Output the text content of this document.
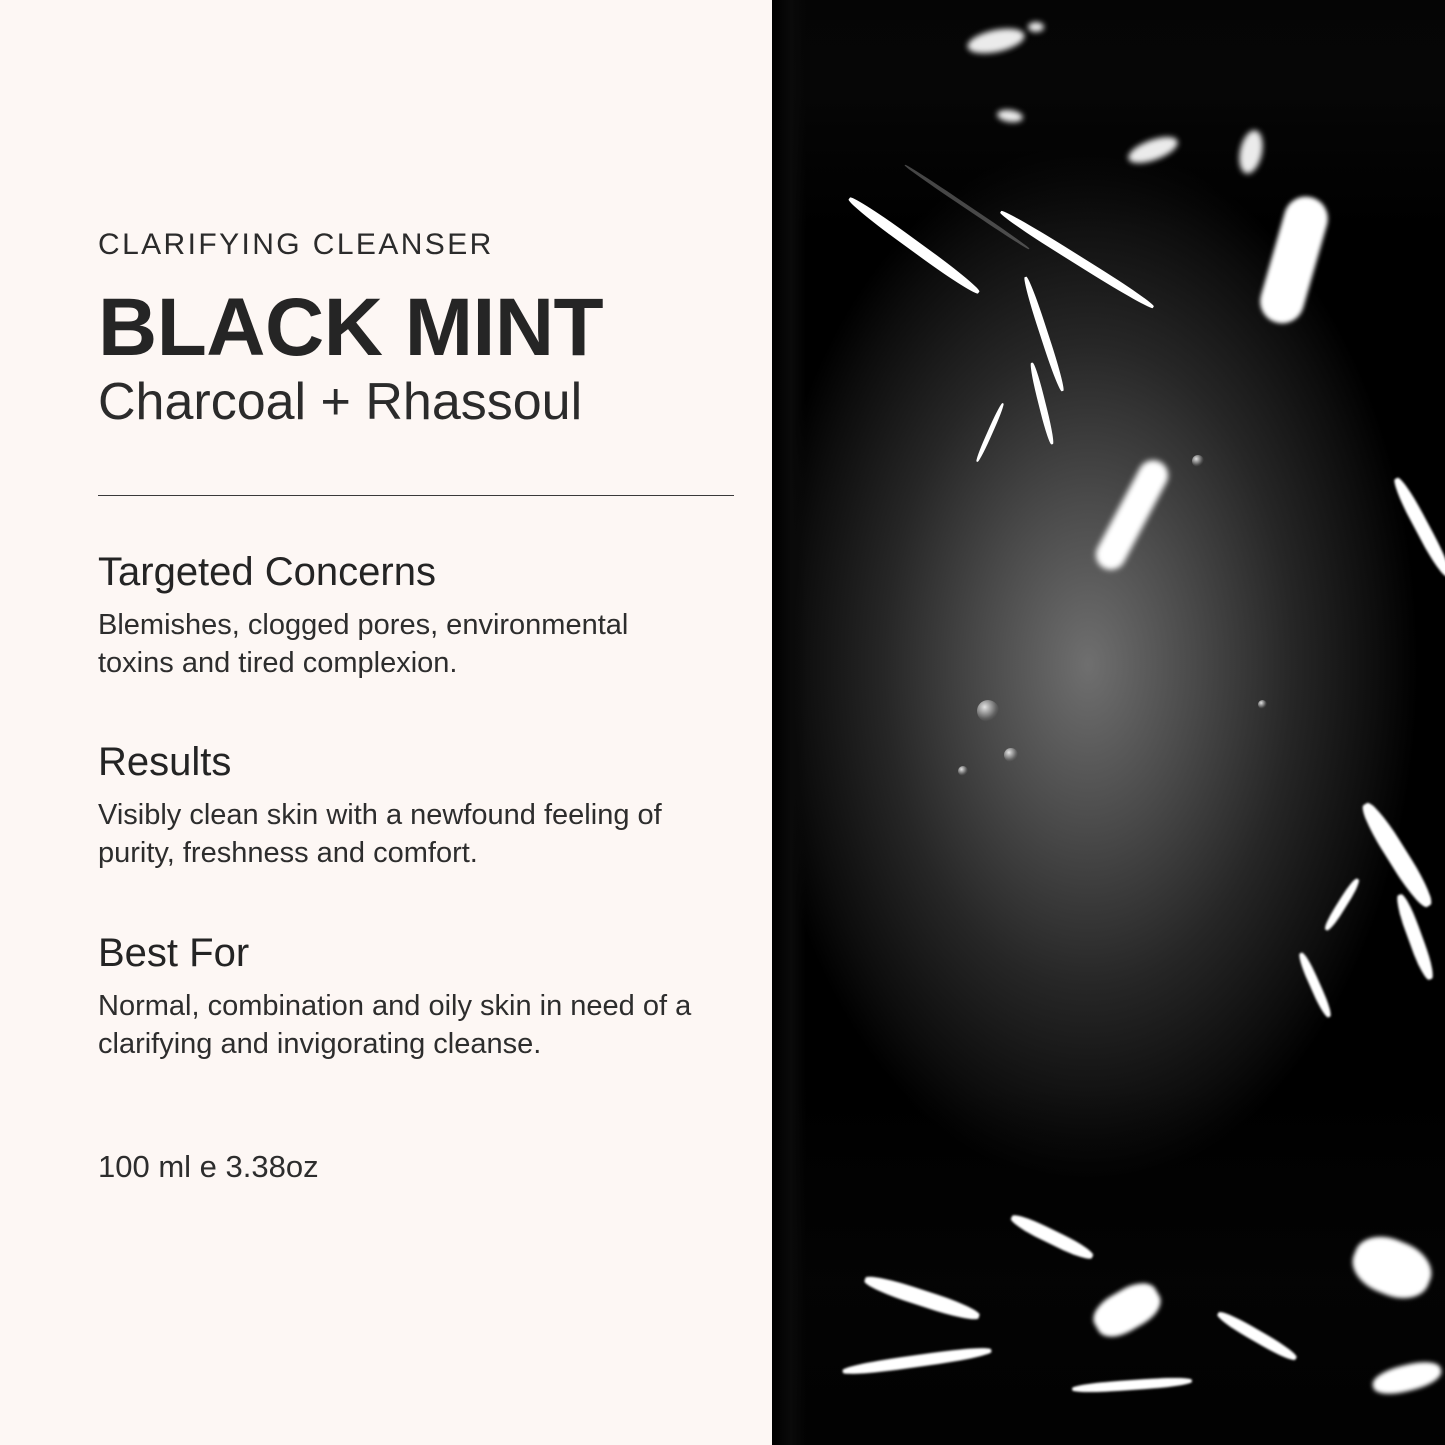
CLARIFYING CLEANSER
BLACK MINT
Charcoal + Rhassoul
Targeted Concerns

Blemishes, clogged pores, environmental toxins and tired complexion.

Results

Visibly clean skin with a newfound feeling of purity, freshness and comfort.

Best For

Normal, combination and oily skin in need of a clarifying and invigorating cleanse.

100 ml e 3.38oz
